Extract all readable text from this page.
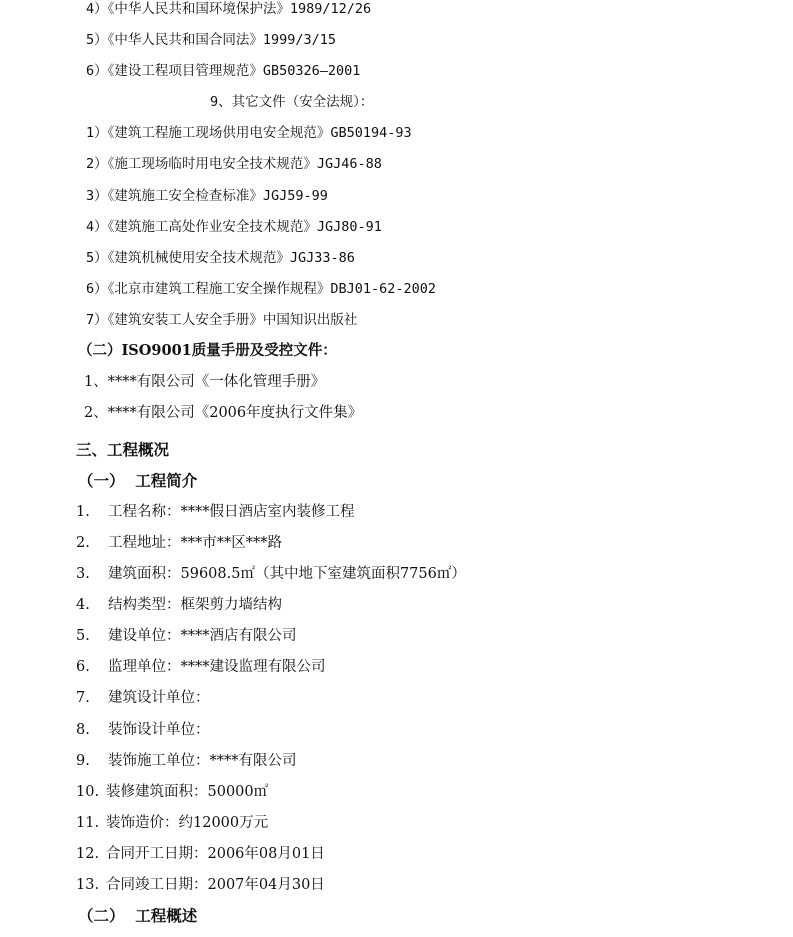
4）《中华人民共和国环境保护法》1989/12/26
5）《中华人民共和国合同法》1999/3/15
6）《建设工程项目管理规范》GB50326—2001
9、其它文件（安全法规）：
1）《建筑工程施工现场供用电安全规范》GB50194-93
2）《施工现场临时用电安全技术规范》JGJ46-88
3）《建筑施工安全检查标准》JGJ59-99
4）《建筑施工高处作业安全技术规范》JGJ80-91
5）《建筑机械使用安全技术规范》JGJ33-86
6）《北京市建筑工程施工安全操作规程》DBJ01-62-2002
7）《建筑安装工人安全手册》中国知识出版社
（二）ISO9001质量手册及受控文件：
1、****有限公司《一体化管理手册》
2、****有限公司《2006年度执行文件集》
三、工程概况
（一）  工程简介
1. 工程名称：****假日酒店室内装修工程
2. 工程地址：***市**区***路
3. 建筑面积：59608.5㎡（其中地下室建筑面积7756㎡）
4. 结构类型：框架剪力墙结构
5. 建设单位：****酒店有限公司
6. 监理单位：****建设监理有限公司
7. 建筑设计单位：
8. 装饰设计单位：
9. 装饰施工单位：****有限公司
10. 装修建筑面积：50000㎡
11. 装饰造价：约12000万元
12. 合同开工日期：2006年08月01日
13. 合同竣工日期：2007年04月30日
（二）  工程概述
